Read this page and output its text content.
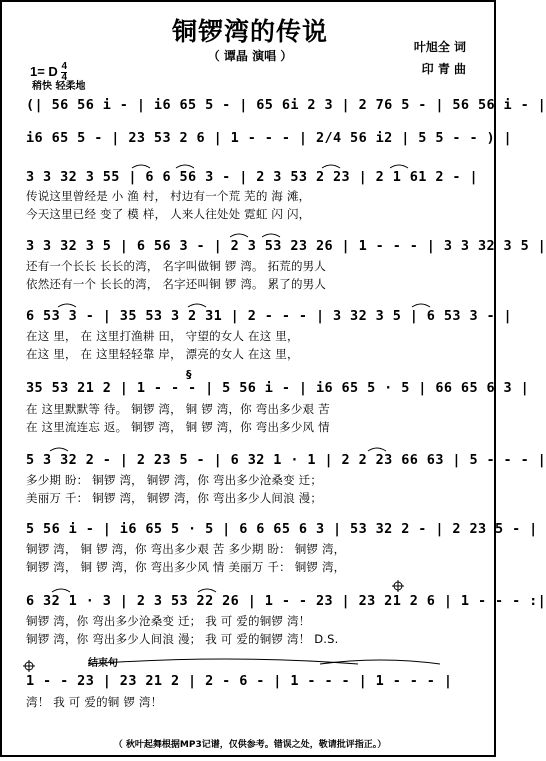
铜锣湾的传说
（ 谭晶 演唱 ）
叶旭全 词
印 青 曲
1= D $\frac{4}{4}$
稍快 轻柔地
(| 56 56 i - | i6 65 5 - | 65 6i 2 3 | 2 76 5 - | 56 56 i - |
i6 65 5 - | 23 53 2 6 | 1 - - - | 2/4 56 i2 | 5 5 - - ) |
3 3 32 3 55 | 6 6 56 3 - | 2 3 53 2 23 | 2 1 61 2 - |
传说这里曾经是 小 渔 村， 村边有一个荒 芜的 海 滩，
今天这里已经 变了 模 样， 人来人往处处 霓虹 闪 闪，
3 3 32 3 5 | 6 56 3 - | 2 3 53 23 26 | 1 - - - | 3 3 32 3 5 |
还有一个长长 长长的湾， 名字叫做铜 锣 湾。 拓荒的男人
依然还有一个 长长的湾， 名字还叫铜 锣 湾。 累了的男人
6 53 3 - | 35 53 3 2 31 | 2 - - - | 3 32 3 5 | 6 53 3 - |
在这 里， 在 这里打渔耕 田， 守望的女人 在这 里，
在这 里， 在 这里轻轻靠 岸， 漂亮的女人 在这 里，
35 53 21 2 | 1 - - - | 5 56 i - | i6 65 5 · 5 | 66 65 6 3 |
在 这里默默等 待。 铜锣 湾， 铜 锣 湾，你 弯出多少艰 苦
在 这里流连忘 返。 铜锣 湾， 铜 锣 湾，你 弯出多少风 情
5 3 32 2 - | 2 23 5 - | 6 32 1 · 1 | 2 2 23 66 63 | 5 - - - |
多少期 盼： 铜锣 湾， 铜锣 湾，你 弯出多少沧桑变 迁；
美丽万 千： 铜锣 湾， 铜锣 湾，你 弯出多少人间浪 漫；
5 56 i - | i6 65 5 · 5 | 6 6 65 6 3 | 53 32 2 - | 2 23 5 - |
铜锣 湾， 铜 锣 湾，你 弯出多少艰 苦 多少期 盼： 铜锣 湾，
铜锣 湾， 铜 锣 湾，你 弯出多少风 情 美丽万 千： 铜锣 湾，
6 32 1 · 3 | 2 3 53 22 26 | 1 - - 23 | 23 21 2 6 | 1 - - - :|
铜锣 湾，你 弯出多少沧桑变 迁； 我 可 爱的铜锣 湾！
铜锣 湾，你 弯出多少人间浪 漫； 我 可 爱的铜锣 湾！ D.S.
结束句
1 - - 23 | 23 21 2 | 2 - 6 - | 1 - - - | 1 - - - |
湾！ 我 可 爱的铜 锣 湾！
（ 秋叶起舞根据MP3记谱，仅供参考。错误之处，敬请批评指正。）
§
